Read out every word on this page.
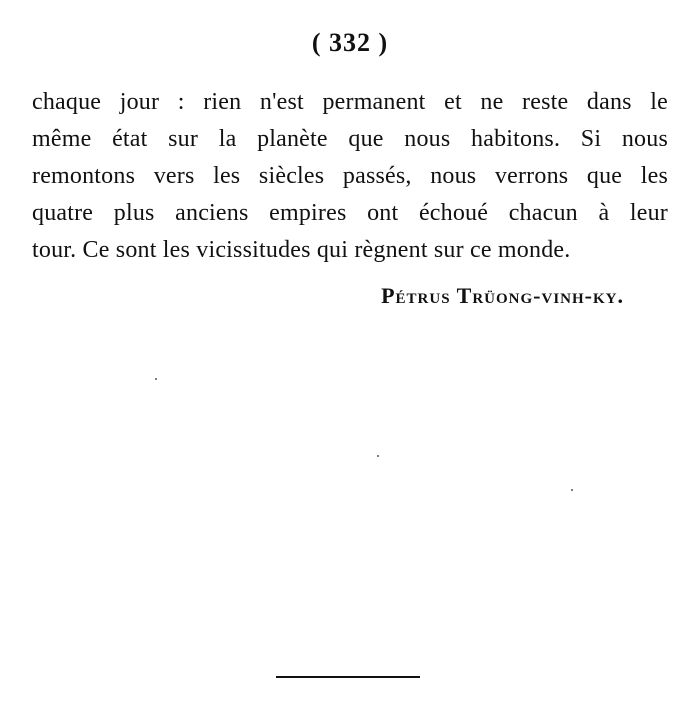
( 332 )
chaque jour : rien n'est permanent et ne reste dans le
même état sur la planète que nous habitons. Si nous
remontons vers les siècles passés, nous verrons que les
quatre plus anciens empires ont échoué chacun à leur
tour. Ce sont les vicissitudes qui règnent sur ce monde.
Pétrus Trüong-vinh-ky.
